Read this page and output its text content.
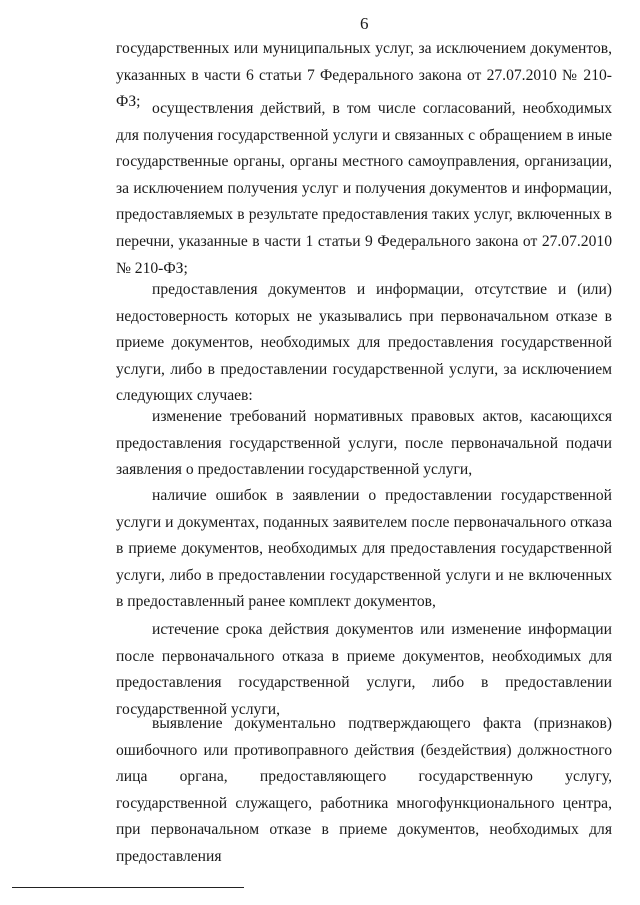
6

государственных или муниципальных услуг, за исключением документов, указанных в части 6 статьи 7 Федерального закона от 27.07.2010 № 210-ФЗ; осуществления действий, в том числе согласований, необходимых для получения государственной услуги и связанных с обращением в иные государственные органы, органы местного самоуправления, организации, за исключением получения услуг и получения документов и информации, предоставляемых в результате предоставления таких услуг, включенных в перечни, указанные в части 1 статьи 9 Федерального закона от 27.07.2010 № 210-ФЗ;

предоставления документов и информации, отсутствие и (или) недостоверность которых не указывались при первоначальном отказе в приеме документов, необходимых для предоставления государственной услуги, либо в предоставлении государственной услуги, за исключением следующих случаев:

изменение требований нормативных правовых актов, касающихся предоставления государственной услуги, после первоначальной подачи заявления о предоставлении государственной услуги,

наличие ошибок в заявлении о предоставлении государственной услуги и документах, поданных заявителем после первоначального отказа в приеме документов, необходимых для предоставления государственной услуги, либо в предоставлении государственной услуги и не включенных в предоставленный ранее комплект документов,

истечение срока действия документов или изменение информации после первоначального отказа в приеме документов, необходимых для предоставления государственной услуги, либо в предоставлении государственной услуги,

выявление документально подтверждающего факта (признаков) ошибочного или противоправного действия (бездействия) должностного лица органа, предоставляющего государственную услугу, государственной служащего, работника многофункционального центра, при первоначальном отказе в приеме документов, необходимых для предоставления
